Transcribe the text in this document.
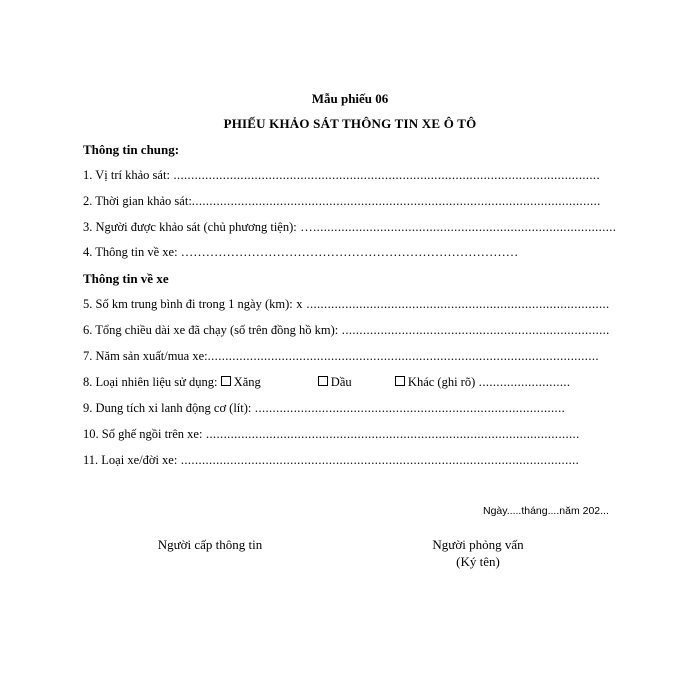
Mẫu phiếu 06
PHIẾU KHẢO SÁT THÔNG TIN XE Ô TÔ
Thông tin chung:
1. Vị trí khảo sát: .........................................................................................................................
2. Thời gian khảo sát:....................................................................................................................
3. Người được khảo sát (chủ phương tiện): …......................................................................................
4. Thông tin về xe: ………………………………………………………………………
Thông tin về xe
5. Số km trung bình đi trong 1 ngày (km): x ......................................................................................
6. Tổng chiều dài xe đã chạy (số trên đồng hồ km): ............................................................................
7. Năm sản xuất/mua xe:...............................................................................................................
8. Loại nhiên liệu sử dụng: Xăng	Dầu	Khác (ghi rõ) ..........................
9. Dung tích xi lanh động cơ (lít): ........................................................................................
10. Số ghế ngồi trên xe: ..........................................................................................................
11. Loại xe/đời xe: .................................................................................................................
Ngày.....tháng....năm 202...
Người cấp thông tin	Người phỏng vấn
(Ký tên)
